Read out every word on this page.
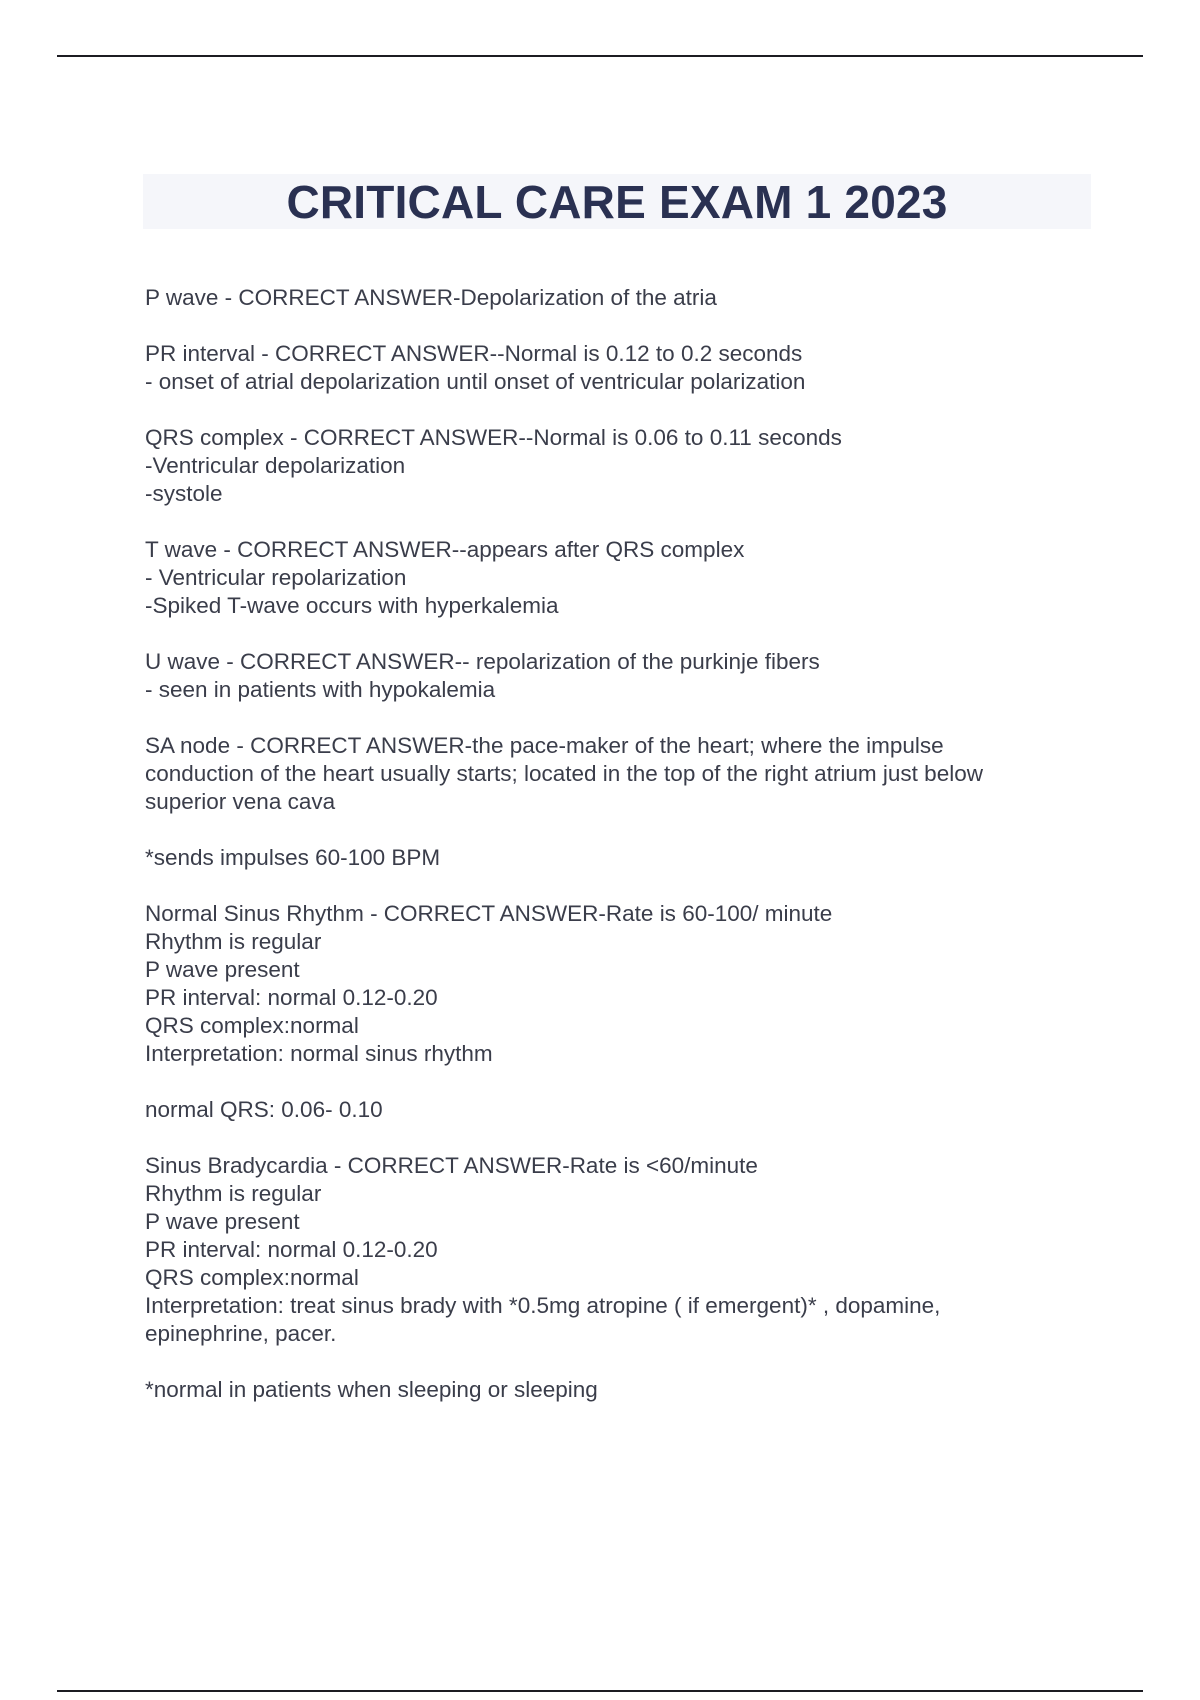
CRITICAL CARE EXAM 1 2023
P wave - CORRECT ANSWER-Depolarization of the atria
PR interval - CORRECT ANSWER--Normal is 0.12 to 0.2 seconds
- onset of atrial depolarization until onset of ventricular polarization
QRS complex - CORRECT ANSWER--Normal is 0.06 to 0.11 seconds
-Ventricular depolarization
-systole
T wave - CORRECT ANSWER--appears after QRS complex
- Ventricular repolarization
-Spiked T-wave occurs with hyperkalemia
U wave - CORRECT ANSWER-- repolarization of the purkinje fibers
- seen in patients with hypokalemia
SA node - CORRECT ANSWER-the pace-maker of the heart; where the impulse
conduction of the heart usually starts; located in the top of the right atrium just below
superior vena cava
*sends impulses 60-100 BPM
Normal Sinus Rhythm - CORRECT ANSWER-Rate is 60-100/ minute
Rhythm is regular
P wave present
PR interval: normal 0.12-0.20
QRS complex:normal
Interpretation: normal sinus rhythm
normal QRS: 0.06- 0.10
Sinus Bradycardia - CORRECT ANSWER-Rate is <60/minute
Rhythm is regular
P wave present
PR interval: normal 0.12-0.20
QRS complex:normal
Interpretation: treat sinus brady with *0.5mg atropine ( if emergent)* , dopamine,
epinephrine, pacer.
*normal in patients when sleeping or sleeping
